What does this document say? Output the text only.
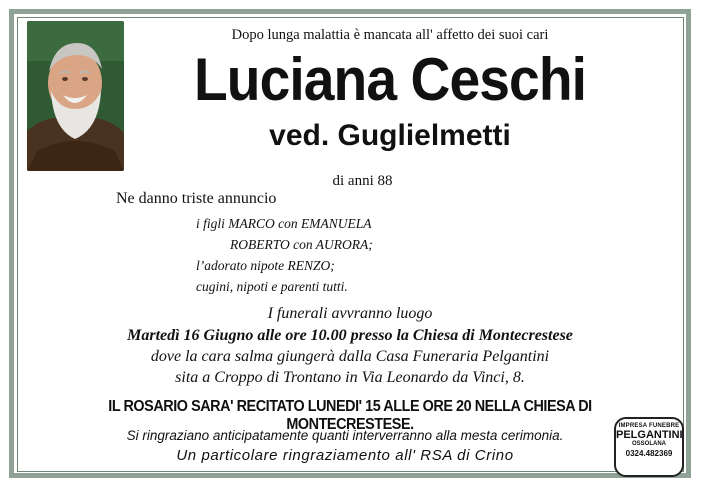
Dopo lunga malattia è mancata all' affetto dei suoi cari
Luciana Ceschi
ved. Guglielmetti
di anni 88
Ne danno triste annuncio
i figli MARCO con EMANUELA
ROBERTO con AURORA;
l’adorato nipote RENZO;
cugini, nipoti e parenti tutti.
I funerali avvranno luogo
Martedì 16 Giugno alle ore 10.00 presso la Chiesa di Montecrestese
dove la cara salma giungerà dalla Casa Funeraria Pelgantini
sita a Croppo di Trontano in Via Leonardo da Vinci, 8.
IL ROSARIO SARA' RECITATO LUNEDI' 15 ALLE ORE 20 NELLA CHIESA DI MONTECRESTESE.
Si ringraziano anticipatamente quanti interverranno alla mesta cerimonia.
Un particolare ringraziamento all' RSA di Crino
IMPRESA FUNEBRE
PELGANTINI
OSSOLANA
0324.482369
